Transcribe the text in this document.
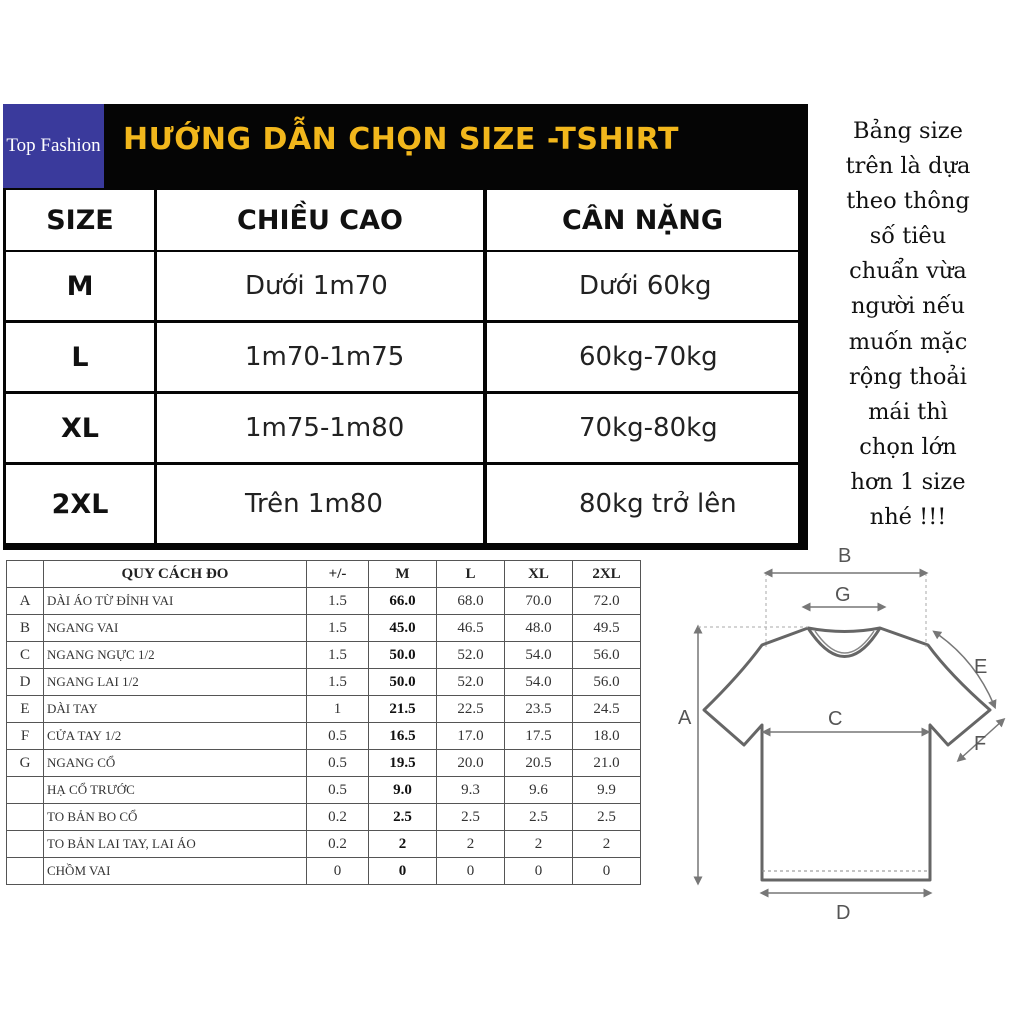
Top Fashion HƯỚNG DẪN CHỌN SIZE -TSHIRT
SIZE	CHIỀU CAO	CÂN NẶNG
M	Dưới 1m70	Dưới 60kg
L	1m70-1m75	60kg-70kg
XL	1m75-1m80	70kg-80kg
2XL	Trên 1m80	80kg trở lên
Bảng size
trên là dựa
theo thông
số tiêu
chuẩn vừa
người nếu
muốn mặc
rộng thoải
mái thì
chọn lớn
hơn 1 size
nhé !!!
	QUY CÁCH ĐO	+/-	M	L	XL	2XL
A	DÀI ÁO TỪ ĐỈNH VAI	1.5	66.0	68.0	70.0	72.0
B	NGANG VAI	1.5	45.0	46.5	48.0	49.5
C	NGANG NGỰC 1/2	1.5	50.0	52.0	54.0	56.0
D	NGANG LAI 1/2	1.5	50.0	52.0	54.0	56.0
E	DÀI TAY	1	21.5	22.5	23.5	24.5
F	CỬA TAY 1/2	0.5	16.5	17.0	17.5	18.0
G	NGANG CỔ	0.5	19.5	20.0	20.5	21.0
	HẠ CỔ TRƯỚC	0.5	9.0	9.3	9.6	9.9
	TO BẢN BO CỔ	0.2	2.5	2.5	2.5	2.5
	TO BẢN LAI TAY, LAI ÁO	0.2	2	2	2	2
	CHỒM VAI	0	0	0	0	0
B
G
A	C
D
E
F
